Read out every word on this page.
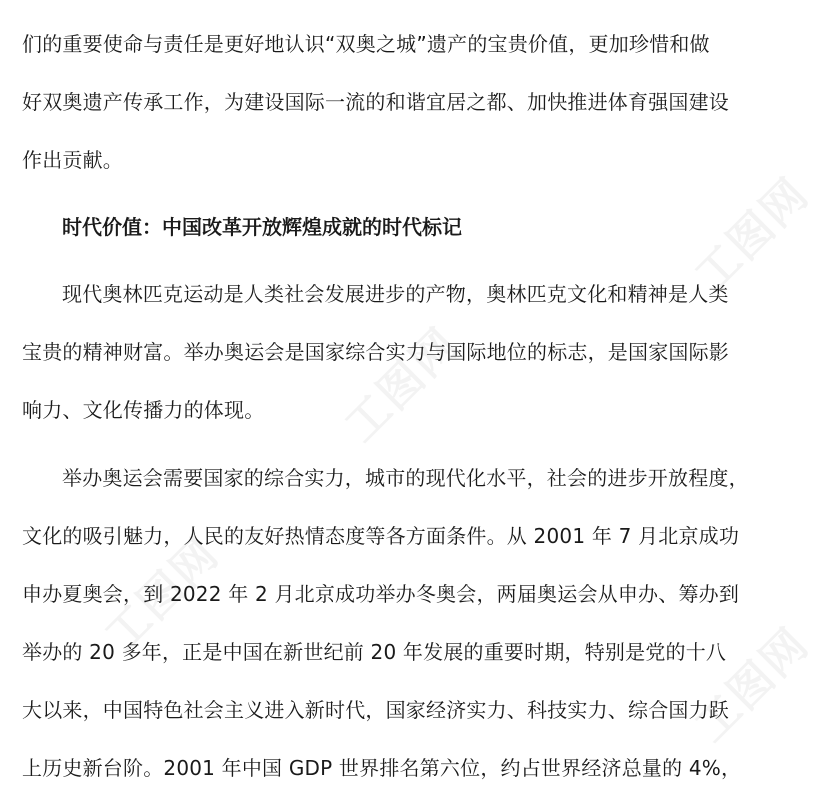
工图网
工图网
工图网
工图网
们的重要使命与责任是更好地认识“双奥之城”遗产的宝贵价值，更加珍惜和做
好双奥遗产传承工作，为建设国际一流的和谐宜居之都、加快推进体育强国建设
作出贡献。
时代价值：中国改革开放辉煌成就的时代标记
现代奥林匹克运动是人类社会发展进步的产物，奥林匹克文化和精神是人类
宝贵的精神财富。举办奥运会是国家综合实力与国际地位的标志，是国家国际影
响力、文化传播力的体现。
举办奥运会需要国家的综合实力，城市的现代化水平，社会的进步开放程度，
文化的吸引魅力，人民的友好热情态度等各方面条件。从 2001 年 7 月北京成功
申办夏奥会，到 2022 年 2 月北京成功举办冬奥会，两届奥运会从申办、筹办到
举办的 20 多年，正是中国在新世纪前 20 年发展的重要时期，特别是党的十八
大以来，中国特色社会主义进入新时代，国家经济实力、科技实力、综合国力跃
上历史新台阶。2001 年中国 GDP 世界排名第六位，约占世界经济总量的 4%，
